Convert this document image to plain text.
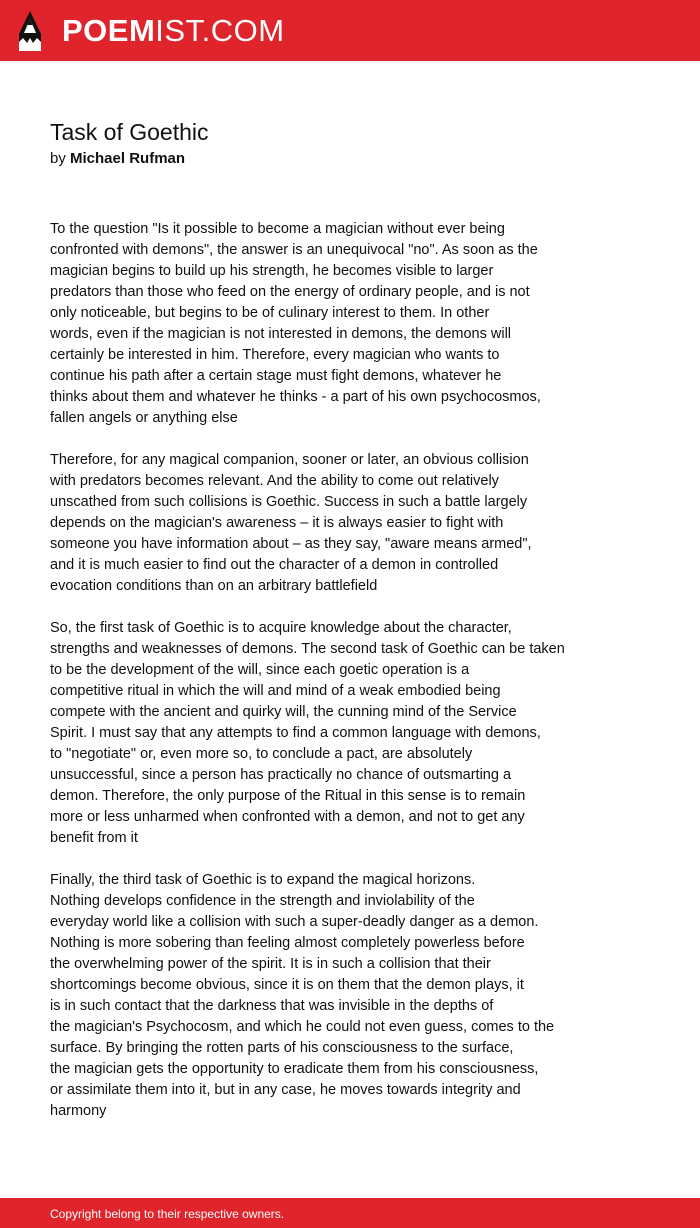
POEMIST.COM
Task of Goethic
by Michael Rufman
To the question "Is it possible to become a magician without ever being
confronted with demons", the answer is an unequivocal "no". As soon as the
magician begins to build up his strength, he becomes visible to larger
predators than those who feed on the energy of ordinary people, and is not
only noticeable, but begins to be of culinary interest to them. In other
words, even if the magician is not interested in demons, the demons will
certainly be interested in him. Therefore, every magician who wants to
continue his path after a certain stage must fight demons, whatever he
thinks about them and whatever he thinks - a part of his own psychocosmos,
fallen angels or anything else
Therefore, for any magical companion, sooner or later, an obvious collision
with predators becomes relevant. And the ability to come out relatively
unscathed from such collisions is Goethic. Success in such a battle largely
depends on the magician's awareness – it is always easier to fight with
someone you have information about – as they say, "aware means armed",
and it is much easier to find out the character of a demon in controlled
evocation conditions than on an arbitrary battlefield
So, the first task of Goethic is to acquire knowledge about the character,
strengths and weaknesses of demons. The second task of Goethic can be taken
to be the development of the will, since each goetic operation is a
competitive ritual in which the will and mind of a weak embodied being
compete with the ancient and quirky will, the cunning mind of the Service
Spirit. I must say that any attempts to find a common language with demons,
to "negotiate" or, even more so, to conclude a pact, are absolutely
unsuccessful, since a person has practically no chance of outsmarting a
demon. Therefore, the only purpose of the Ritual in this sense is to remain
more or less unharmed when confronted with a demon, and not to get any
benefit from it
Finally, the third task of Goethic is to expand the magical horizons.
Nothing develops confidence in the strength and inviolability of the
everyday world like a collision with such a super-deadly danger as a demon.
Nothing is more sobering than feeling almost completely powerless before
the overwhelming power of the spirit. It is in such a collision that their
shortcomings become obvious, since it is on them that the demon plays, it
is in such contact that the darkness that was invisible in the depths of
the magician's Psychocosm, and which he could not even guess, comes to the
surface. By bringing the rotten parts of his consciousness to the surface,
the magician gets the opportunity to eradicate them from his consciousness,
or assimilate them into it, but in any case, he moves towards integrity and
harmony
Copyright belong to their respective owners.
